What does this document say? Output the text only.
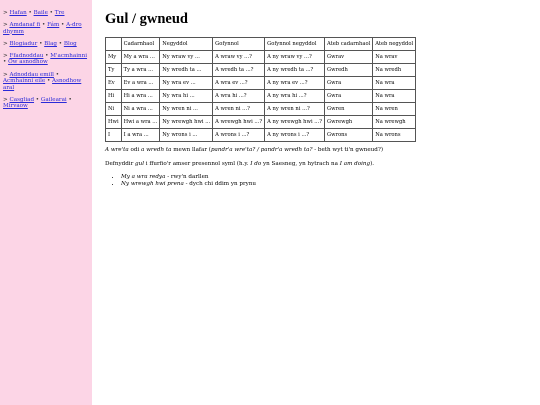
> Hafan • Baile • Tre
> Amdanaf fi • Fám • A-dro dhymm
> Blogiadur • Blag • Blog
> Ffadnoddau • M'acmhainni • Ow asnodhow
> Adnoddau emill • Acmhainni eile • Asnodhow aral
> Casgliad • Gailearai • Mirvaow
Gul / gwneud
	Cadarnhaol	Negyddol	Gofynnol	Gofynnol negyddol	Ateb cadarnhaol	Ateb negyddol
My	My a wra ...	Ny wraw vy ...	A wraw vy ...?	A ny wraw vy ...?	Gwrav	Na wrav
Ty	Ty a wra ...	Ny wredh ta ...	A wredh ta ...?	A ny wredh ta ...?	Gwredh	Na wredh
Ev	Ev a wra ...	Ny wra ev ...	A wra ev ...?	A ny wra ev ...?	Gwra	Na wra
Hi	Hi a wra ...	Ny wra hi ...	A wra hi ...?	A ny wra hi ...?	Gwra	Na wra
Ni	Ni a wra ...	Ny wren ni ...	A wren ni ...?	A ny wren ni ...?	Gwren	Na wren
Hwi	Hwi a wra ...	Ny wrewgh hwi ...	A wrewgh hwi ...?	A ny wrewgh hwi ...?	Gwrewgh	Na wrewgh
I	I a wra ...	Ny wrons i ...	A wrons i ...?	A ny wrons i ...?	Gwrons	Na wrons

A wre'ta odi a wredh ta mewn llafar (pandr'a wre'ta? / pandr'a wredh ta? - beth wyt ti'n gwneud?)

Defnyddir gul i ffurfio'r amser presennol syml (h.y. I do yn Saesneg, yn hytrach na I am doing).

• My a wra redya - rwy'n darllen
• Ny wrewgh hwi prena - dych chi ddim yn prynu
